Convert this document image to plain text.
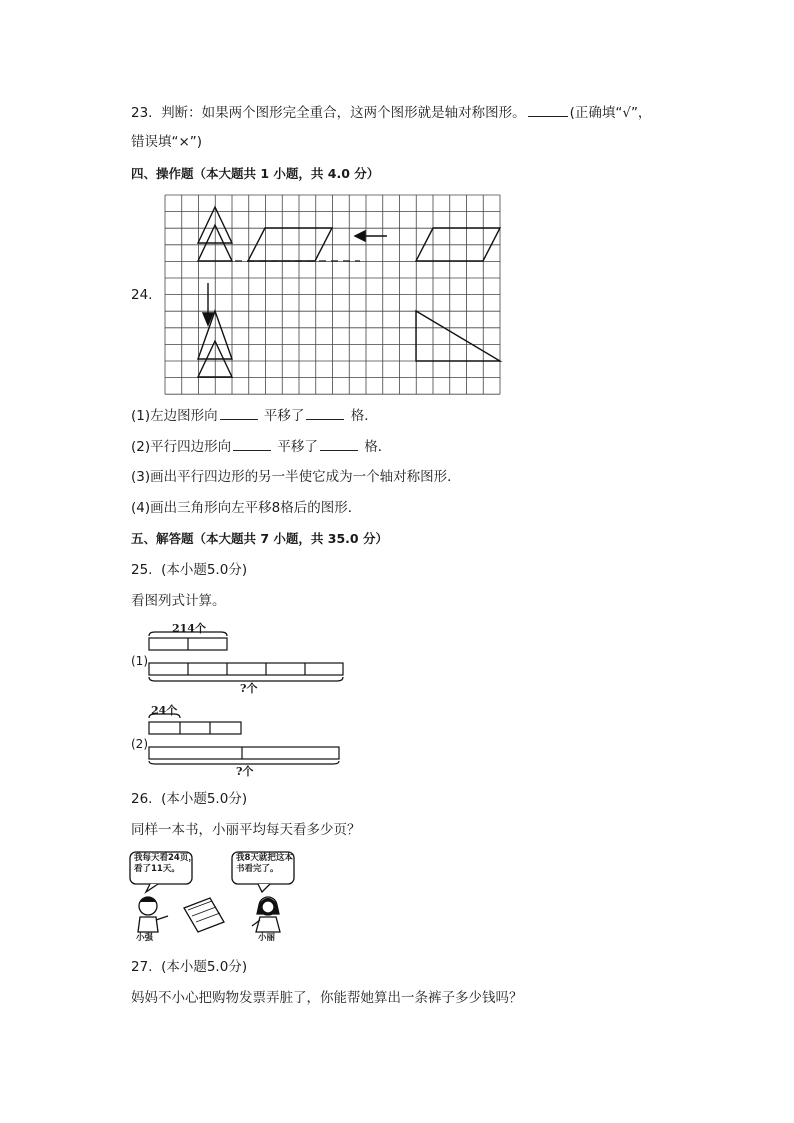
23. 判断：如果两个图形完全重合，这两个图形就是轴对称图形。	(正确填“√”，
错误填“×”)
四、操作题（本大题共 1 小题，共 4.0 分）
24.
(1)左边图形向	平移了	格．
(2)平行四边形向	平移了	格．
(3)画出平行四边形的另一半使它成为一个轴对称图形．
(4)画出三角形向左平移8格后的图形．
五、解答题（本大题共 7 小题，共 35.0 分）
25. (本小题5.0分)
看图列式计算。
(1)
214个
?个
(2)
24个
?个
26. (本小题5.0分)
同样一本书，小丽平均每天看多少页？
我每天看24页，
看了11天。
我8天就把这本
书看完了。
小强	小丽
27. (本小题5.0分)
妈妈不小心把购物发票弄脏了，你能帮她算出一条裤子多少钱吗？
